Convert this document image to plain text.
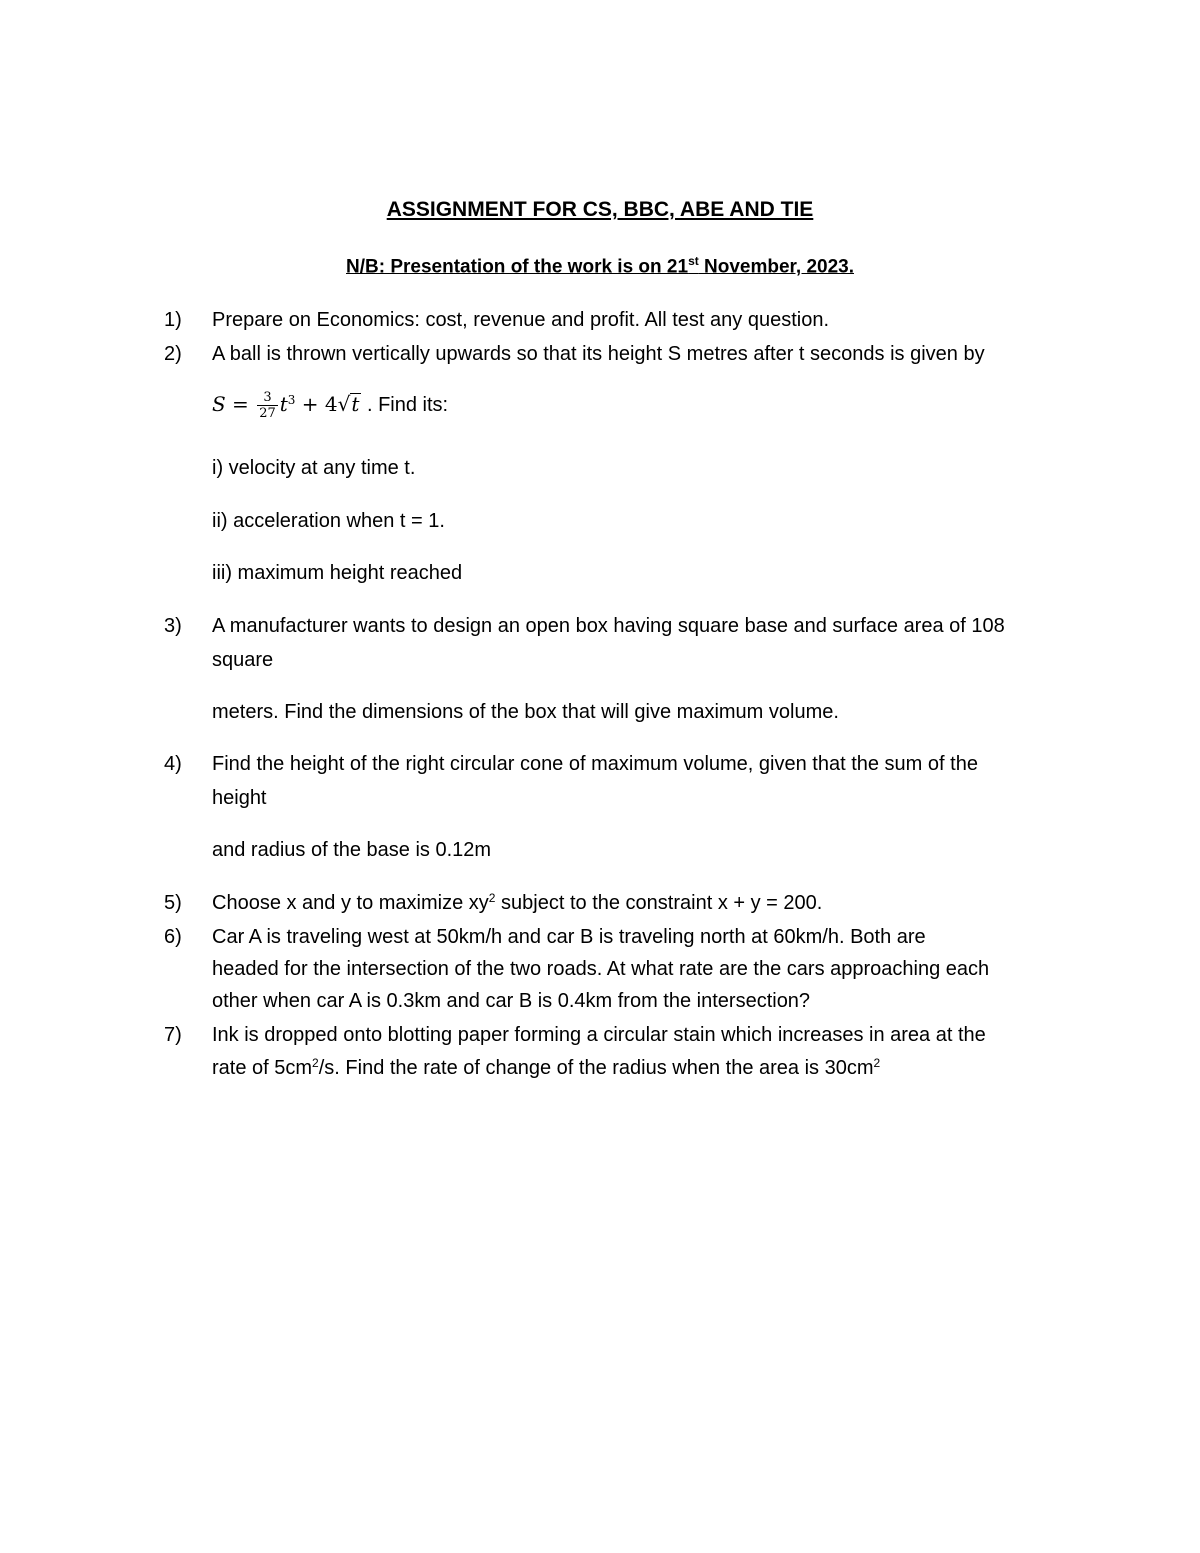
ASSIGNMENT FOR CS, BBC, ABE AND TIE
N/B: Presentation of the work is on 21st November, 2023.
1) Prepare on Economics: cost, revenue and profit. All test any question.
2) A ball is thrown vertically upwards so that its height S metres after t seconds is given by
$S = \frac{3}{27} t^3 + 4√t$ . Find its:
i) velocity at any time t.
ii) acceleration when t = 1.
iii) maximum height reached
3) A manufacturer wants to design an open box having square base and surface area of 108
square
meters. Find the dimensions of the box that will give maximum volume.
4) Find the height of the right circular cone of maximum volume, given that the sum of the
height
and radius of the base is 0.12m
5) Choose x and y to maximize $xy^2$ subject to the constraint x + y = 200.
6) Car A is traveling west at 50km/h and car B is traveling north at 60km/h. Both are
headed for the intersection of the two roads. At what rate are the cars approaching each
other when car A is 0.3km and car B is 0.4km from the intersection?
7) Ink is dropped onto blotting paper forming a circular stain which increases in area at the
rate of $5cm^2/s$. Find the rate of change of the radius when the area is $30cm^2$
